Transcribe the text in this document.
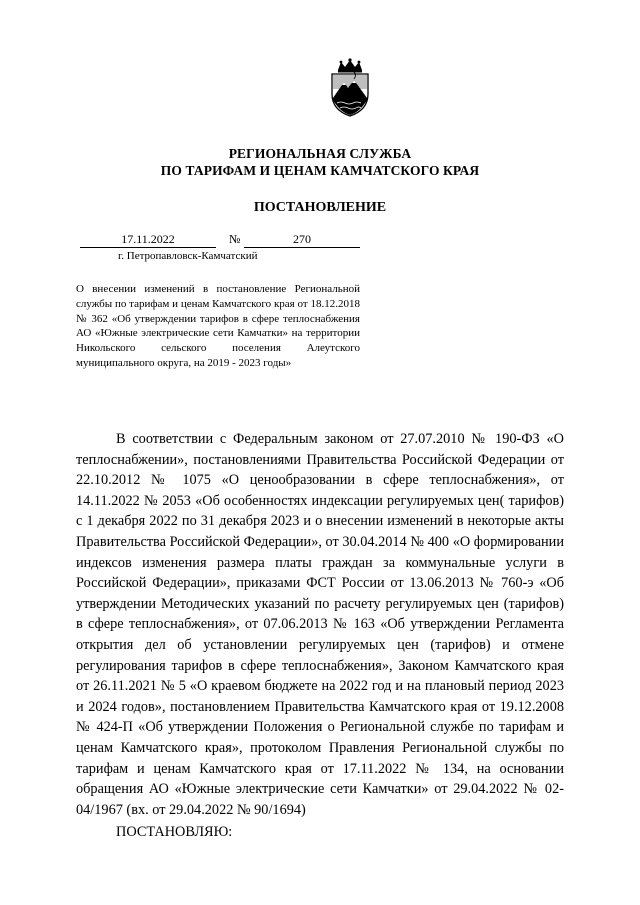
РЕГИОНАЛЬНАЯ СЛУЖБА
ПО ТАРИФАМ И ЦЕНАМ КАМЧАТСКОГО КРАЯ
ПОСТАНОВЛЕНИЕ
17.11.2022	№	270
г. Петропавловск-Камчатский
О внесении изменений в постановление Региональной службы по тарифам и ценам Камчатского края от 18.12.2018 № 362 «Об утверждении тарифов в сфере теплоснабжения АО «Южные электрические сети Камчатки» на территории Никольского сельского поселения Алеутского муниципального округа, на 2019 - 2023 годы»

В соответствии с Федеральным законом от 27.07.2010 № 190-ФЗ «О теплоснабжении», постановлениями Правительства Российской Федерации от 22.10.2012 № 1075 «О ценообразовании в сфере теплоснабжения», от 14.11.2022 № 2053 «Об особенностях индексации регулируемых цен( тарифов) с 1 декабря 2022 по 31 декабря 2023 и о внесении изменений в некоторые акты Правительства Российской Федерации», от 30.04.2014 № 400 «О формировании индексов изменения размера платы граждан за коммунальные услуги в Российской Федерации», приказами ФСТ России от 13.06.2013 № 760-э «Об утверждении Методических указаний по расчету регулируемых цен (тарифов) в сфере теплоснабжения», от 07.06.2013 № 163 «Об утверждении Регламента открытия дел об установлении регулируемых цен (тарифов) и отмене регулирования тарифов в сфере теплоснабжения», Законом Камчатского края от 26.11.2021 № 5 «О краевом бюджете на 2022 год и на плановый период 2023 и 2024 годов», постановлением Правительства Камчатского края от 19.12.2008 № 424-П «Об утверждении Положения о Региональной службе по тарифам и ценам Камчатского края», протоколом Правления Региональной службы по тарифам и ценам Камчатского края от 17.11.2022 № 134, на основании обращения АО «Южные электрические сети Камчатки» от 29.04.2022 № 02-04/1967 (вх. от 29.04.2022 № 90/1694)

ПОСТАНОВЛЯЮ:
